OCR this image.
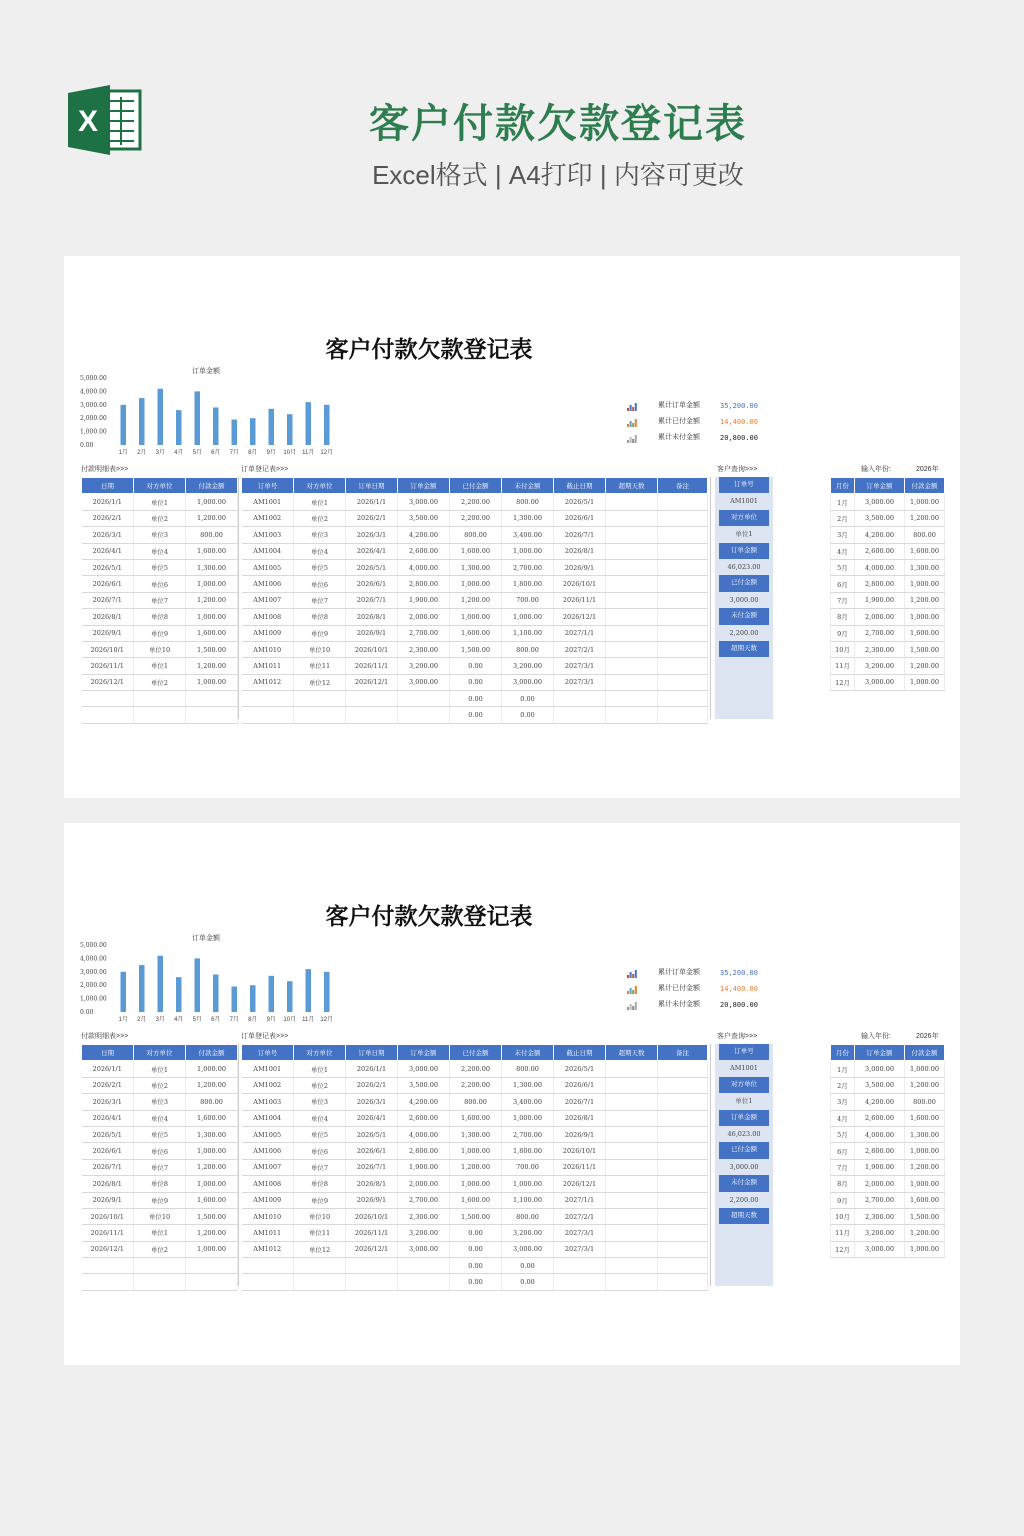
X	客户付款欠款登记表
Excel格式 | A4打印 | 内容可更改
客户付款欠款登记表
订单金额
5,000.00
4,000.00
3,000.00
2,000.00
1,000.00
0.00
1月 2月 3月 4月 5月 6月 7月 8月 9月 10月 11月 12月
累计订单金额	35,200.00
累计已付金额	14,400.00
累计未付金额	20,800.00
付款明细表>>>	订单登记表>>>	客户查询>>>	输入年份:	2026年
日期	对方单位	付款金额
2026/1/1	单位1	1,000.00
2026/2/1	单位2	1,200.00
2026/3/1	单位3	800.00
2026/4/1	单位4	1,600.00
2026/5/1	单位5	1,300.00
2026/6/1	单位6	1,000.00
2026/7/1	单位7	1,200.00
2026/8/1	单位8	1,000.00
2026/9/1	单位9	1,600.00
2026/10/1	单位10	1,500.00
2026/11/1	单位1	1,200.00
2026/12/1	单位2	1,000.00

订单号	对方单位	订单日期	订单金额	已付金额	未付金额	截止日期	超期天数	备注
AM1001	单位1	2026/1/1	3,000.00	2,200.00	800.00	2026/5/1		
AM1002	单位2	2026/2/1	3,500.00	2,200.00	1,300.00	2026/6/1		
AM1003	单位3	2026/3/1	4,200.00	800.00	3,400.00	2026/7/1		
AM1004	单位4	2026/4/1	2,600.00	1,600.00	1,000.00	2026/8/1		
AM1005	单位5	2026/5/1	4,000.00	1,300.00	2,700.00	2026/9/1		
AM1006	单位6	2026/6/1	2,800.00	1,000.00	1,800.00	2026/10/1		
AM1007	单位7	2026/7/1	1,900.00	1,200.00	700.00	2026/11/1		
AM1008	单位8	2026/8/1	2,000.00	1,000.00	1,000.00	2026/12/1		
AM1009	单位9	2026/9/1	2,700.00	1,600.00	1,100.00	2027/1/1		
AM1010	单位10	2026/10/1	2,300.00	1,500.00	800.00	2027/2/1		
AM1011	单位11	2026/11/1	3,200.00	0.00	3,200.00	2027/3/1		
AM1012	单位12	2026/12/1	3,000.00	0.00	3,000.00	2027/3/1		
				0.00	0.00			
				0.00	0.00			
订单号
AM1001
对方单位
单位1
订单金额
46,023.00
已付金额
3,000.00
未付金额
2,200.00
超期天数
月份	订单金额	付款金额
1月	3,000.00	1,000.00
2月	3,500.00	1,200.00
3月	4,200.00	800.00
4月	2,600.00	1,600.00
5月	4,000.00	1,300.00
6月	2,800.00	1,000.00
7月	1,900.00	1,200.00
8月	2,000.00	1,000.00
9月	2,700.00	1,600.00
10月	2,300.00	1,500.00
11月	3,200.00	1,200.00
12月	3,000.00	1,000.00
客户付款欠款登记表
订单金额
5,000.00
4,000.00
3,000.00
2,000.00
1,000.00
0.00
1月 2月 3月 4月 5月 6月 7月 8月 9月 10月 11月 12月
累计订单金额	35,200.00
累计已付金额	14,400.00
累计未付金额	20,800.00
付款明细表>>>	订单登记表>>>	客户查询>>>	输入年份:	2026年
日期	对方单位	付款金额
2026/1/1	单位1	1,000.00
2026/2/1	单位2	1,200.00
2026/3/1	单位3	800.00
2026/4/1	单位4	1,600.00
2026/5/1	单位5	1,300.00
2026/6/1	单位6	1,000.00
2026/7/1	单位7	1,200.00
2026/8/1	单位8	1,000.00
2026/9/1	单位9	1,600.00
2026/10/1	单位10	1,500.00
2026/11/1	单位1	1,200.00
2026/12/1	单位2	1,000.00

订单号	对方单位	订单日期	订单金额	已付金额	未付金额	截止日期	超期天数	备注
AM1001	单位1	2026/1/1	3,000.00	2,200.00	800.00	2026/5/1		
AM1002	单位2	2026/2/1	3,500.00	2,200.00	1,300.00	2026/6/1		
AM1003	单位3	2026/3/1	4,200.00	800.00	3,400.00	2026/7/1		
AM1004	单位4	2026/4/1	2,600.00	1,600.00	1,000.00	2026/8/1		
AM1005	单位5	2026/5/1	4,000.00	1,300.00	2,700.00	2026/9/1		
AM1006	单位6	2026/6/1	2,800.00	1,000.00	1,800.00	2026/10/1		
AM1007	单位7	2026/7/1	1,900.00	1,200.00	700.00	2026/11/1		
AM1008	单位8	2026/8/1	2,000.00	1,000.00	1,000.00	2026/12/1		
AM1009	单位9	2026/9/1	2,700.00	1,600.00	1,100.00	2027/1/1		
AM1010	单位10	2026/10/1	2,300.00	1,500.00	800.00	2027/2/1		
AM1011	单位11	2026/11/1	3,200.00	0.00	3,200.00	2027/3/1		
AM1012	单位12	2026/12/1	3,000.00	0.00	3,000.00	2027/3/1		
				0.00	0.00			
				0.00	0.00			
订单号
AM1001
对方单位
单位1
订单金额
46,023.00
已付金额
3,000.00
未付金额
2,200.00
超期天数
月份	订单金额	付款金额
1月	3,000.00	1,000.00
2月	3,500.00	1,200.00
3月	4,200.00	800.00
4月	2,600.00	1,600.00
5月	4,000.00	1,300.00
6月	2,800.00	1,000.00
7月	1,900.00	1,200.00
8月	2,000.00	1,000.00
9月	2,700.00	1,600.00
10月	2,300.00	1,500.00
11月	3,200.00	1,200.00
12月	3,000.00	1,000.00
